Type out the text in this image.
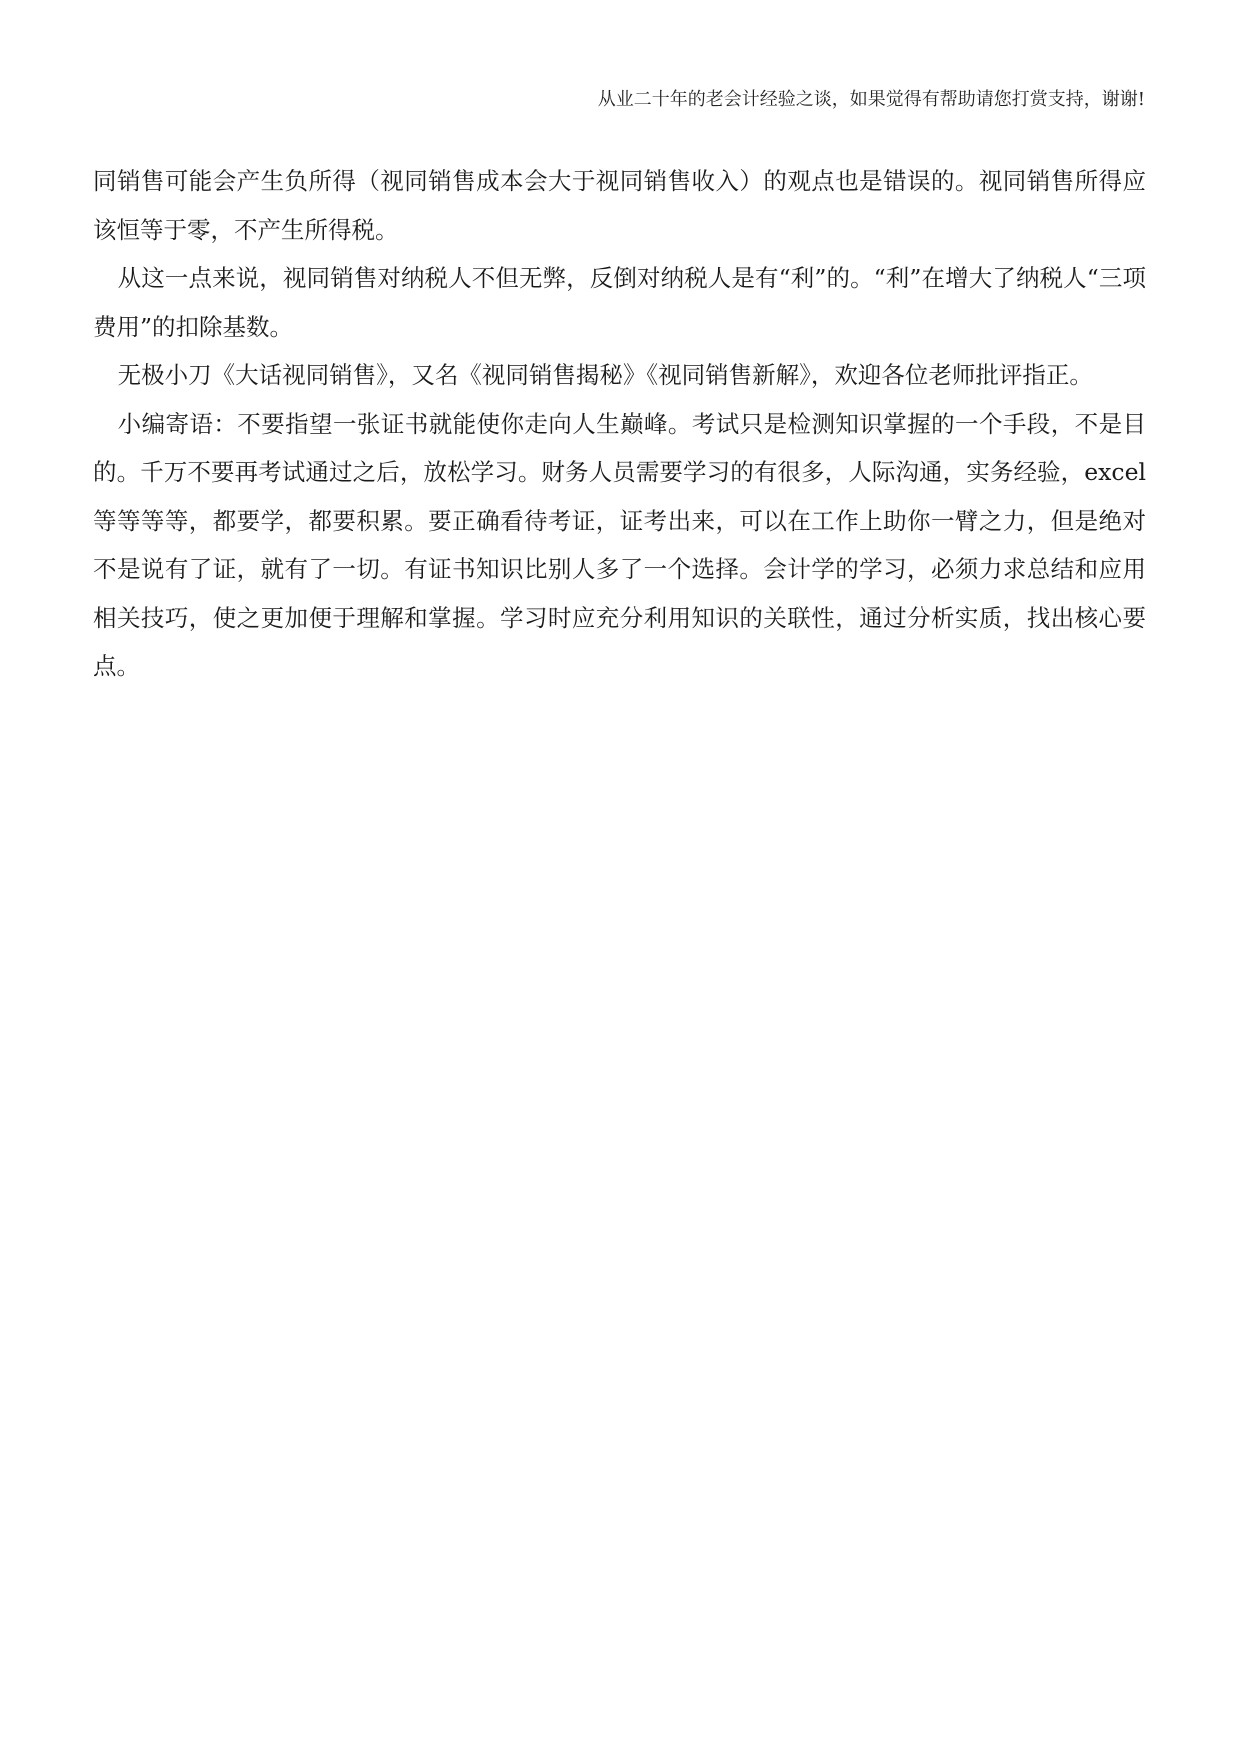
从业二十年的老会计经验之谈，如果觉得有帮助请您打赏支持，谢谢!

同销售可能会产生负所得（视同销售成本会大于视同销售收入）的观点也是错误的。视同销售所得应该恒等于零，不产生所得税。

从这一点来说，视同销售对纳税人不但无弊，反倒对纳税人是有“利”的。“利”在增大了纳税人“三项费用”的扣除基数。

无极小刀《大话视同销售》，又名《视同销售揭秘》《视同销售新解》，欢迎各位老师批评指正。

小编寄语：不要指望一张证书就能使你走向人生巅峰。考试只是检测知识掌握的一个手段，不是目的。千万不要再考试通过之后，放松学习。财务人员需要学习的有很多，人际沟通，实务经验，excel 等等等等，都要学，都要积累。要正确看待考证，证考出来，可以在工作上助你一臂之力，但是绝对不是说有了证，就有了一切。有证书知识比别人多了一个选择。会计学的学习，必须力求总结和应用相关技巧，使之更加便于理解和掌握。学习时应充分利用知识的关联性，通过分析实质，找出核心要点。
